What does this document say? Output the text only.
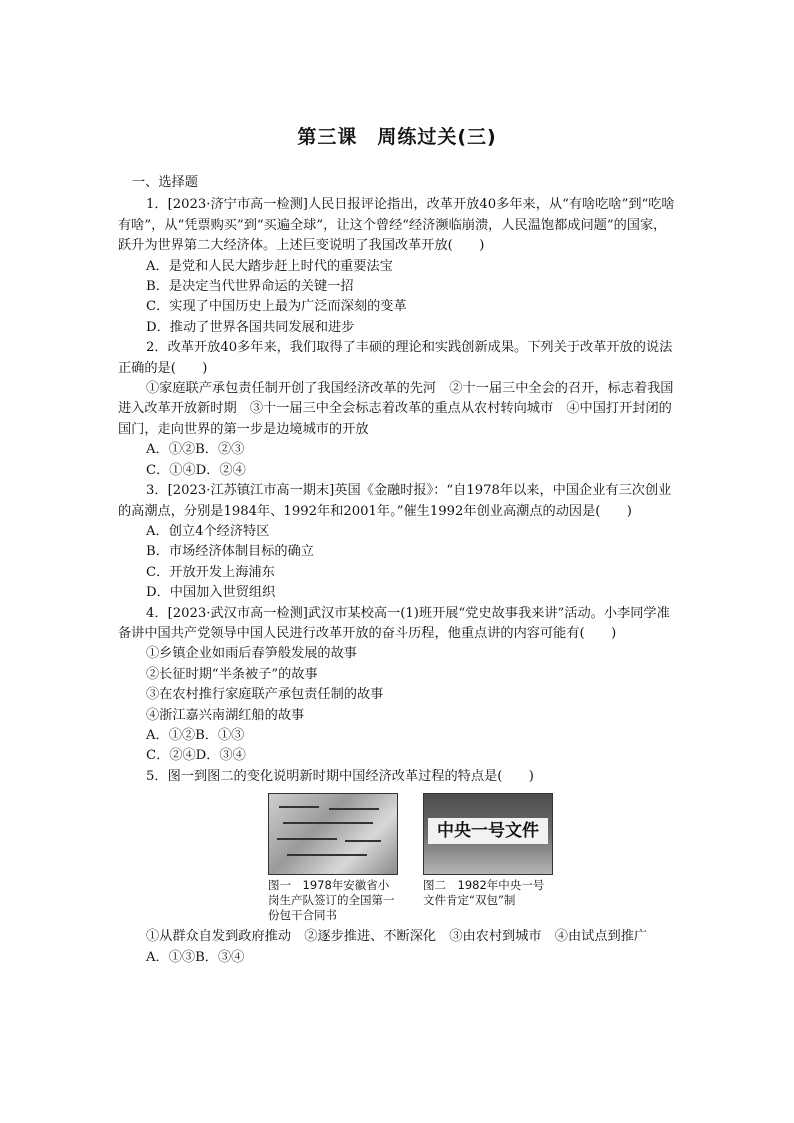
第三课　周练过关(三)

一、选择题

1．[2023·济宁市高一检测]人民日报评论指出，改革开放40多年来，从“有啥吃啥”到“吃啥有啥”，从“凭票购买”到“买遍全球”，让这个曾经“经济濒临崩溃，人民温饱都成问题”的国家，跃升为世界第二大经济体。上述巨变说明了我国改革开放(　　)

A．是党和人民大踏步赶上时代的重要法宝

B．是决定当代世界命运的关键一招

C．实现了中国历史上最为广泛而深刻的变革

D．推动了世界各国共同发展和进步

2．改革开放40多年来，我们取得了丰硕的理论和实践创新成果。下列关于改革开放的说法正确的是(　　)

①家庭联产承包责任制开创了我国经济改革的先河　②十一届三中全会的召开，标志着我国进入改革开放新时期　③十一届三中全会标志着改革的重点从农村转向城市　④中国打开封闭的国门，走向世界的第一步是边境城市的开放

A．①②B．②③

C．①④D．②④

3．[2023·江苏镇江市高一期末]英国《金融时报》：“自1978年以来，中国企业有三次创业的高潮点，分别是1984年、1992年和2001年。”催生1992年创业高潮点的动因是(　　)

A．创立4个经济特区

B．市场经济体制目标的确立

C．开放开发上海浦东

D．中国加入世贸组织

4．[2023·武汉市高一检测]武汉市某校高一(1)班开展“党史故事我来讲”活动。小李同学准备讲中国共产党领导中国人民进行改革开放的奋斗历程，他重点讲的内容可能有(　　)

①乡镇企业如雨后春笋般发展的故事

②长征时期“半条被子”的故事

③在农村推行家庭联产承包责任制的故事

④浙江嘉兴南湖红船的故事

A．①②B．①③

C．②④D．③④

5．图一到图二的变化说明新时期中国经济改革过程的特点是(　　)

图一　1978年安徽省小岗生产队签订的全国第一份包干合同书
中央一号文件
图二　1982年中央一号文件肯定“双包”制

①从群众自发到政府推动　②逐步推进、不断深化　③由农村到城市　④由试点到推广

A．①③B．③④
